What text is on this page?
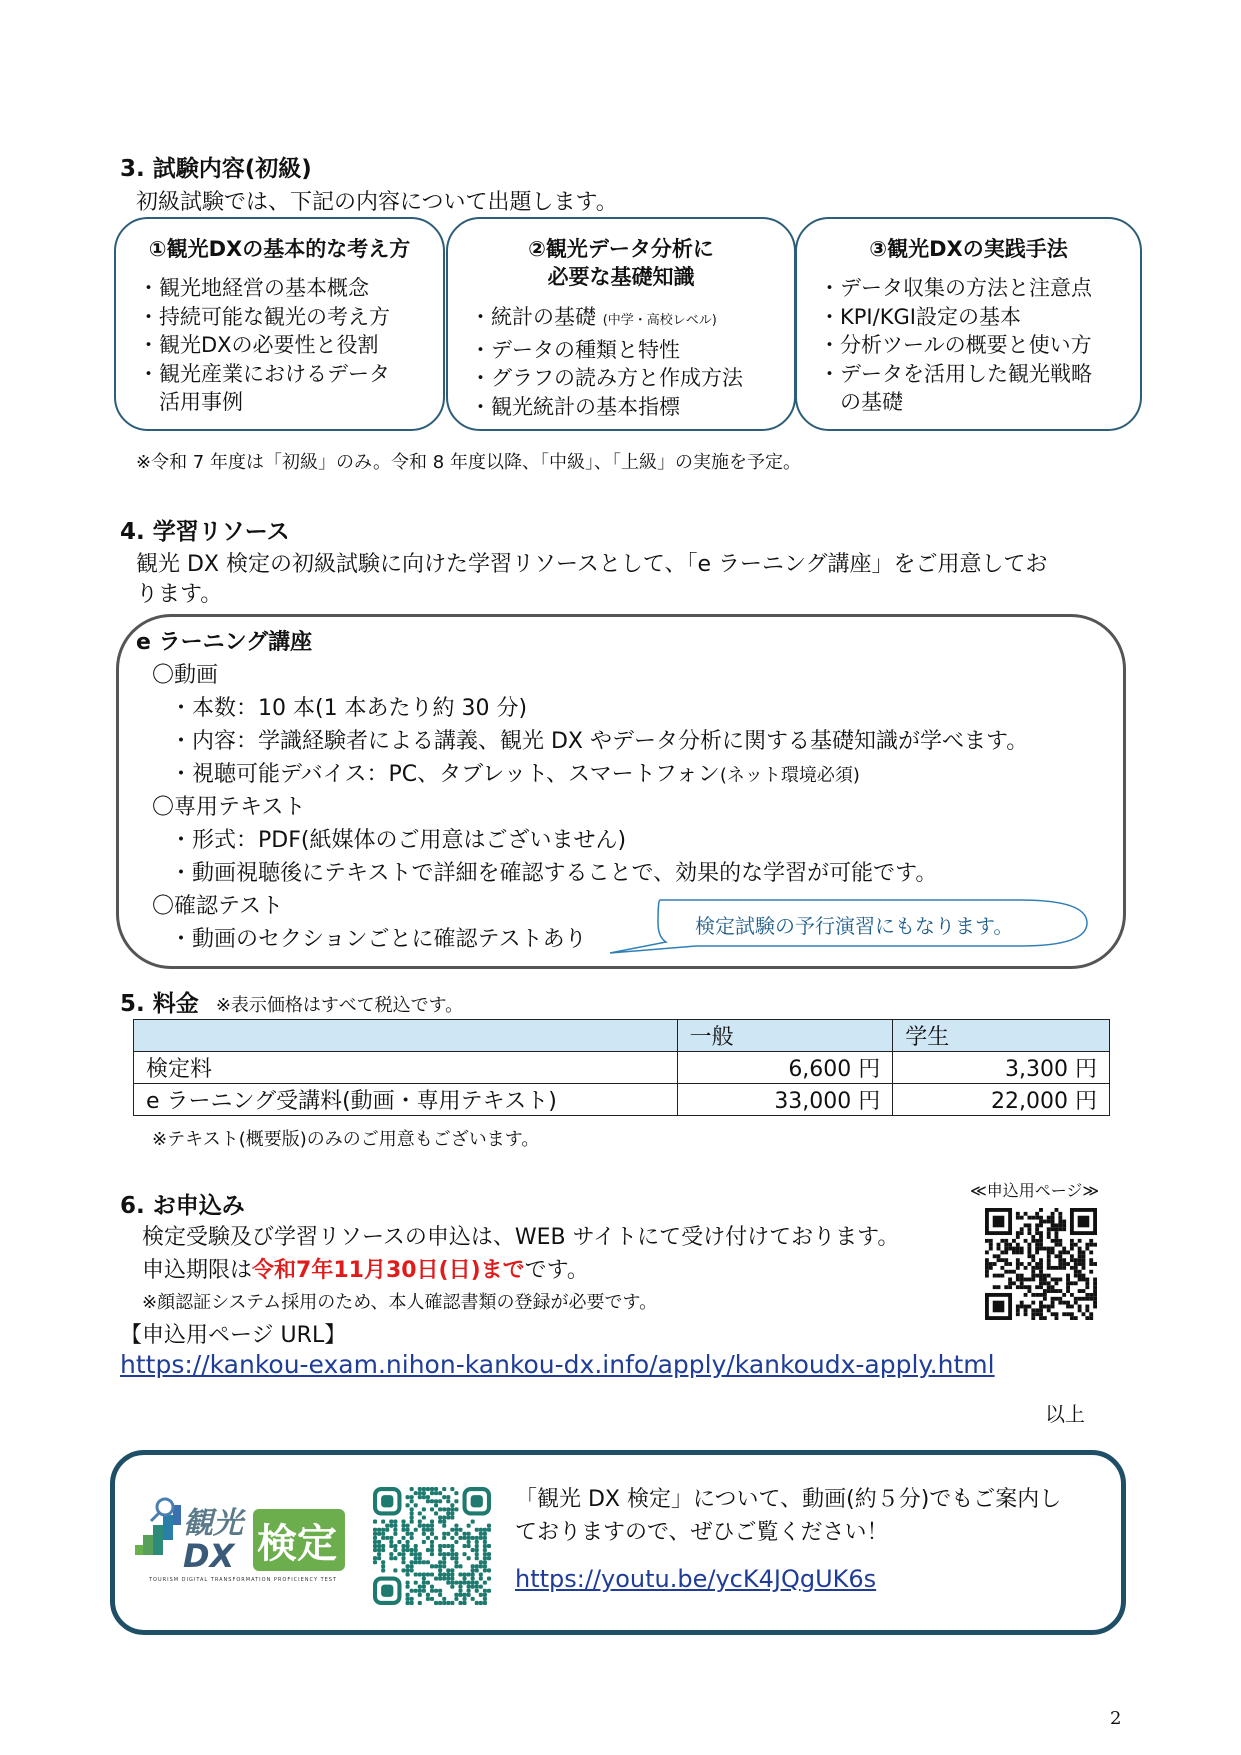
3. 試験内容(初級)
初級試験では、下記の内容について出題します。
①観光DXの基本的な考え方
・観光地経営の基本概念
・持続可能な観光の考え方
・観光DXの必要性と役割
・観光産業におけるデータ
　活用事例
②観光データ分析に
必要な基礎知識
・統計の基礎 (中学・高校レベル)
・データの種類と特性
・グラフの読み方と作成方法
・観光統計の基本指標
③観光DXの実践手法
・データ収集の方法と注意点
・KPI/KGI設定の基本
・分析ツールの概要と使い方
・データを活用した観光戦略
　の基礎
※令和 7 年度は「初級」のみ。令和 8 年度以降、「中級」、「上級」の実施を予定。
4. 学習リソース
観光 DX 検定の初級試験に向けた学習リソースとして、「e ラーニング講座」をご用意してお
ります。
e ラーニング講座
〇動画
・本数：10 本(1 本あたり約 30 分)
・内容：学識経験者による講義、観光 DX やデータ分析に関する基礎知識が学べます。
・視聴可能デバイス：PC、タブレット、スマートフォン(ネット環境必須)
〇専用テキスト
・形式：PDF(紙媒体のご用意はございません)
・動画視聴後にテキストで詳細を確認することで、効果的な学習が可能です。
〇確認テスト
・動画のセクションごとに確認テストあり
検定試験の予行演習にもなります。
5. 料金 ※表示価格はすべて税込です。
	一般	学生
検定料	6,600 円	3,300 円
e ラーニング受講料(動画・専用テキスト)	33,000 円	22,000 円
※テキスト(概要版)のみのご用意もございます。
6. お申込み
≪申込用ページ≫
検定受験及び学習リソースの申込は、WEB サイトにて受け付けております。
申込期限は令和7年11月30日(日)までです。
※顔認証システム採用のため、本人確認書類の登録が必要です。
【申込用ページ URL】
https://kankou-exam.nihon-kankou-dx.info/apply/kankoudx-apply.html
以上
観光
DX 検定
TOURISM DIGITAL TRANSFORMATION PROFICIENCY TEST
「観光 DX 検定」について、動画(約５分)でもご案内し
ておりますので、ぜひご覧ください！
https://youtu.be/ycK4JQgUK6s
2
